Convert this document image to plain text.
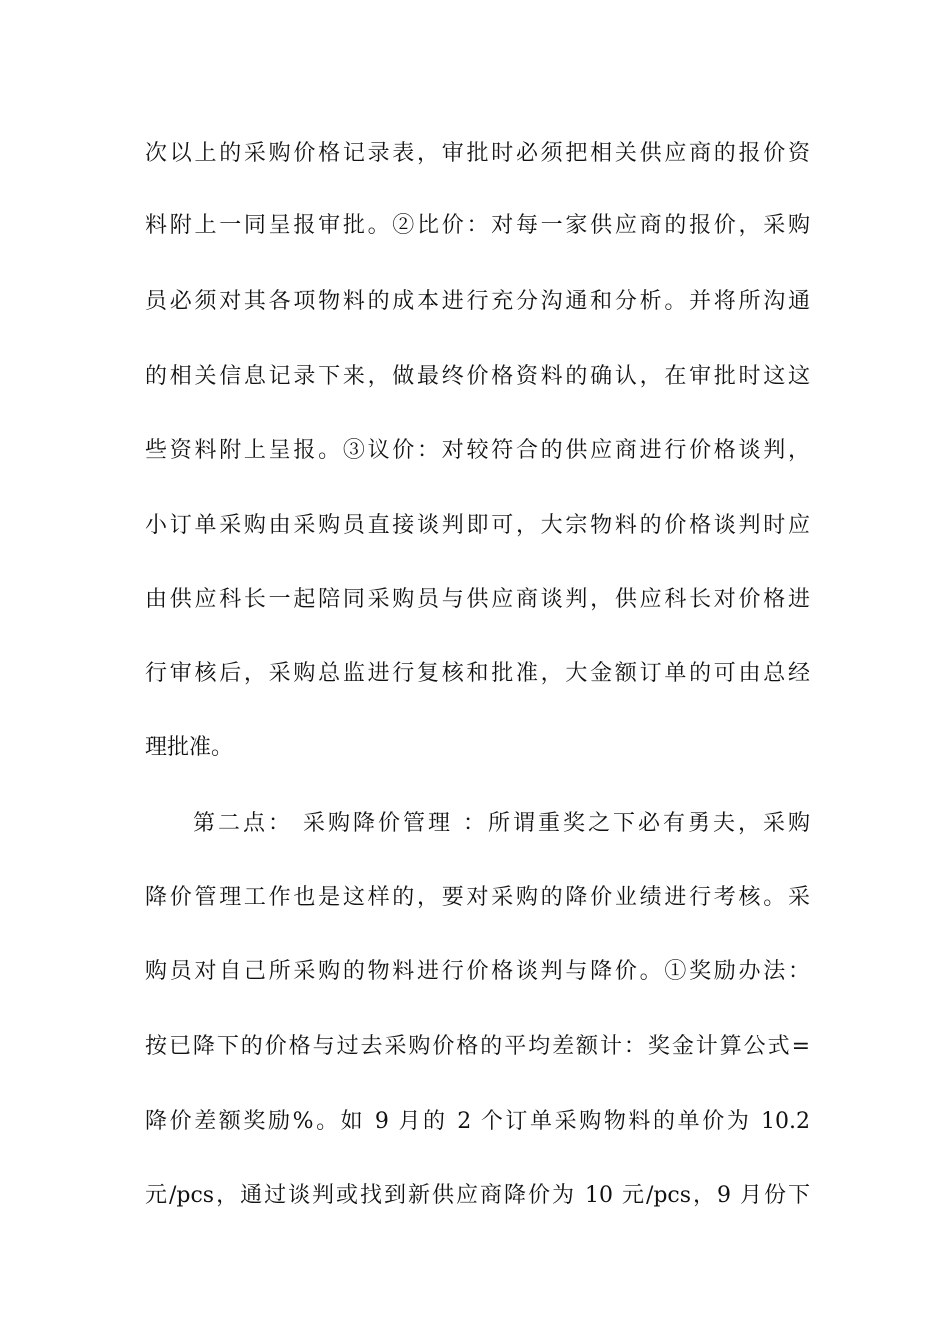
次以上的采购价格记录表，审批时必须把相关供应商的报价资
料附上一同呈报审批。②比价：对每一家供应商的报价，采购
员必须对其各项物料的成本进行充分沟通和分析。并将所沟通
的相关信息记录下来，做最终价格资料的确认，在审批时这这
些资料附上呈报。③议价：对较符合的供应商进行价格谈判，
小订单采购由采购员直接谈判即可，大宗物料的价格谈判时应
由供应科长一起陪同采购员与供应商谈判，供应科长对价格进
行审核后，采购总监进行复核和批准，大金额订单的可由总经
理批准。
第二点： 采购降价管理 ：所谓重奖之下必有勇夫，采购
降价管理工作也是这样的，要对采购的降价业绩进行考核。采
购员对自己所采购的物料进行价格谈判与降价。①奖励办法：
按已降下的价格与过去采购价格的平均差额计：奖金计算公式=
降价差额奖励%。如 9 月的 2 个订单采购物料的单价为 10.2
元/pcs，通过谈判或找到新供应商降价为 10 元/pcs，9 月份下
